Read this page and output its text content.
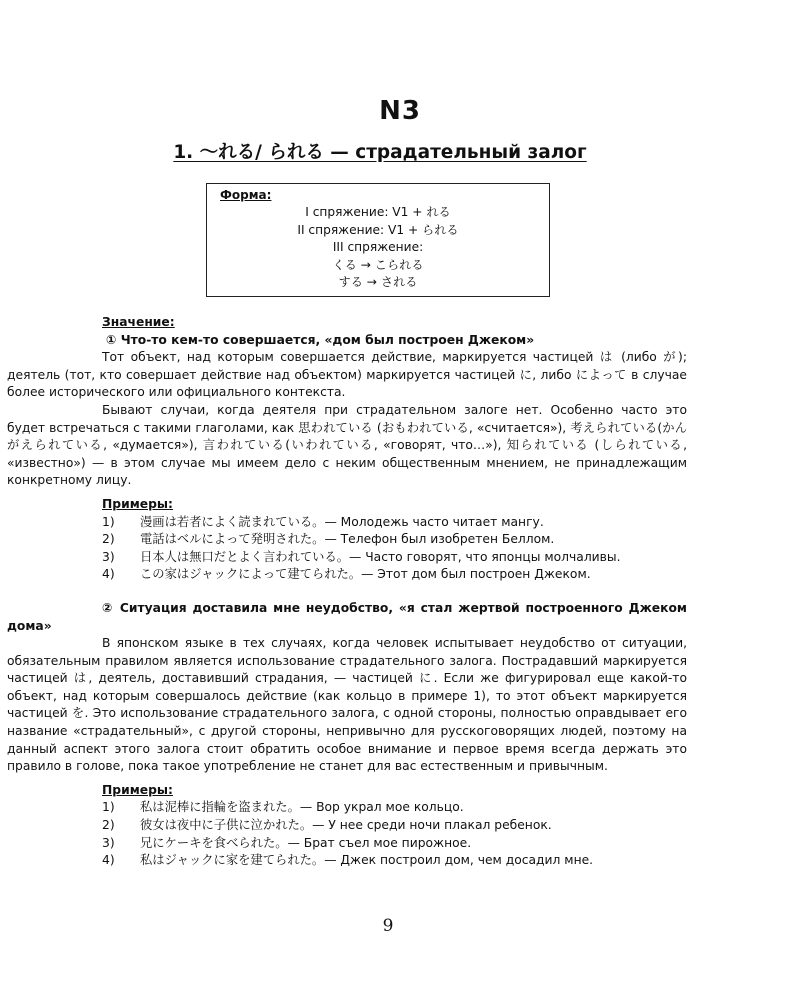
N3
1. ～れる/ られる — страдательный залог
Форма:
I спряжение: V1 + れる
II спряжение: V1 + られる
III спряжение:
くる → こられる
する → される
Значение:
① Что-то кем-то совершается, «дом был построен Джеком»

Тот объект, над которым совершается действие, маркируется частицей は (либо が); деятель (тот, кто совершает действие над объектом) маркируется частицей に, либо によって в случае более исторического или официального контекста.

Бывают случаи, когда деятеля при страдательном залоге нет. Особенно часто это будет встречаться с такими глаголами, как 思われている (おもわれている, «считается»), 考えられている(かんがえられている, «думается»), 言われている(いわれている, «говорят, что…»), 知られている (しられている, «известно») — в этом случае мы имеем дело с неким общественным мнением, не принадлежащим конкретному лицу.

Примеры:
1)	漫画は若者によく読まれている。— Молодежь часто читает мангу.
2)	電話はベルによって発明された。— Телефон был изобретен Беллом.
3)	日本人は無口だとよく言われている。— Часто говорят, что японцы молчаливы.
4)	この家はジャックによって建てられた。— Этот дом был построен Джеком.

② Ситуация доставила мне неудобство, «я стал жертвой построенного Джеком дома»

В японском языке в тех случаях, когда человек испытывает неудобство от ситуации, обязательным правилом является использование страдательного залога. Пострадавший маркируется частицей は, деятель, доставивший страдания, — частицей に. Если же фигурировал еще какой-то объект, над которым совершалось действие (как кольцо в примере 1), то этот объект маркируется частицей を. Это использование страдательного залога, с одной стороны, полностью оправдывает его название «страдательный», с другой стороны, непривычно для русскоговорящих людей, поэтому на данный аспект этого залога стоит обратить особое внимание и первое время всегда держать это правило в голове, пока такое употребление не станет для вас естественным и привычным.

Примеры:
1)	私は泥棒に指輪を盗まれた。— Вор украл мое кольцо.
2)	彼女は夜中に子供に泣かれた。— У нее среди ночи плакал ребенок.
3)	兄にケーキを食べられた。— Брат съел мое пирожное.
4)	私はジャックに家を建てられた。— Джек построил дом, чем досадил мне.
9
